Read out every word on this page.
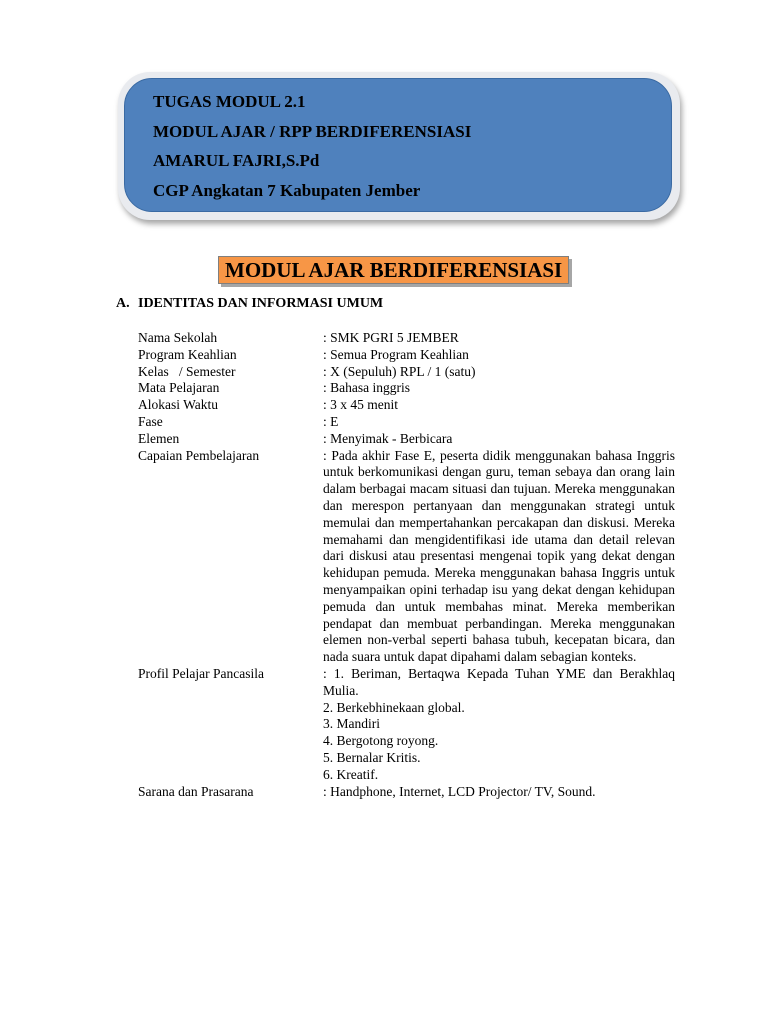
TUGAS MODUL 2.1
MODUL AJAR / RPP BERDIFERENSIASI
AMARUL FAJRI,S.Pd
CGP Angkatan 7 Kabupaten Jember
MODUL AJAR BERDIFERENSIASI
A. IDENTITAS DAN INFORMASI UMUM
Nama Sekolah	: SMK PGRI 5 JEMBER
Program Keahlian	: Semua Program Keahlian
Kelas   / Semester	: X (Sepuluh) RPL / 1 (satu)
Mata Pelajaran	: Bahasa inggris
Alokasi Waktu	: 3 x 45 menit
Fase	: E
Elemen	: Menyimak - Berbicara
Capaian Pembelajaran	: Pada akhir Fase E, peserta didik menggunakan bahasa Inggris untuk berkomunikasi dengan guru, teman sebaya dan orang lain dalam berbagai macam situasi dan tujuan. Mereka menggunakan dan merespon pertanyaan dan menggunakan strategi untuk memulai dan mempertahankan percakapan dan diskusi. Mereka memahami dan mengidentifikasi ide utama dan detail relevan dari diskusi atau presentasi mengenai topik yang dekat dengan kehidupan pemuda. Mereka menggunakan bahasa Inggris untuk menyampaikan opini terhadap isu yang dekat dengan kehidupan pemuda dan untuk membahas minat. Mereka memberikan pendapat dan membuat perbandingan. Mereka menggunakan elemen non-verbal seperti bahasa tubuh, kecepatan bicara, dan nada suara untuk dapat dipahami dalam sebagian konteks.
Profil Pelajar Pancasila	: 1. Beriman, Bertaqwa Kepada Tuhan YME dan Berakhlaq Mulia.
2. Berkebhinekaan global.
3. Mandiri
4. Bergotong royong.
5. Bernalar Kritis.
6. Kreatif.
Sarana dan Prasarana	: Handphone, Internet, LCD Projector/ TV, Sound.
